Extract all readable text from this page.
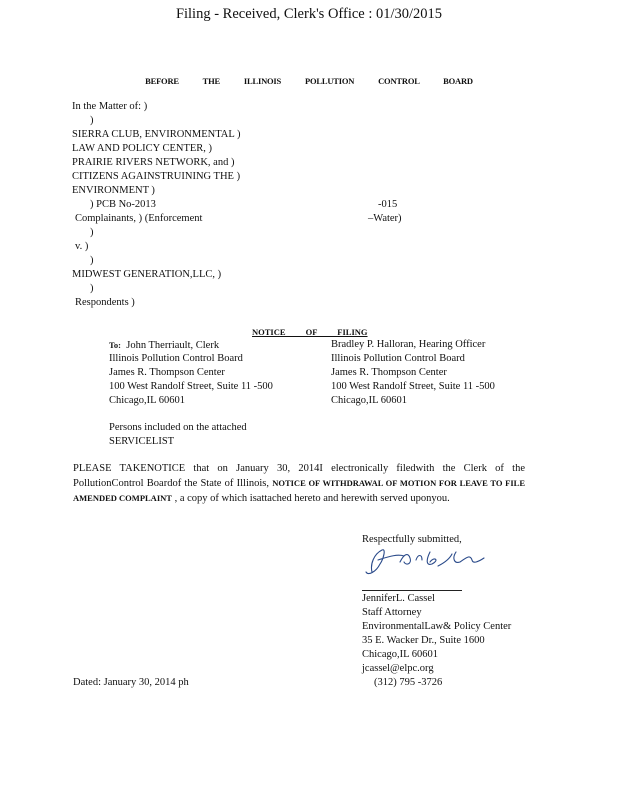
Filing - Received, Clerk's Office : 01/30/2015
BEFORE THE ILLINOIS POLLUTION CONTROL BOARD
In the Matter of: )
)
SIERRA CLUB, ENVIRONMENTAL )
LAW AND POLICY CENTER, )
PRAIRIE RIVERS NETWORK, and )
CITIZENS AGAINSTRUINING THE )
ENVIRONMENT )
) PCB No-2013	-015
Complainants, ) (Enforcement	–Water)
)
v. )
)
MIDWEST GENERATION,LLC, )
)
Respondents )
NOTICE OF FILING
To: John Therriault, Clerk
Illinois Pollution Control Board
James R. Thompson Center
100 West Randolf Street, Suite 11 -500
Chicago,IL 60601
Bradley P. Halloran, Hearing Officer
Illinois Pollution Control Board
James R. Thompson Center
100 West Randolf Street, Suite 11 -500
Chicago,IL 60601
Persons included on the attached
SERVICELIST
PLEASE TAKENOTICE that on January 30, 2014I electronically filedwith the Clerk of the PollutionControl Boardof the State of Illinois, NOTICE OF WITHDRAWAL OF MOTION FOR LEAVE TO FILE AMENDED COMPLAINT , a copy of which isattached hereto and herewith served uponyou.
Respectfully submitted,
JenniferL. Cassel
Staff Attorney
EnvironmentalLaw& Policy Center
35 E. Wacker Dr., Suite 1600
Chicago,IL 60601
jcassel@elpc.org
(312) 795 -3726
Dated: January 30, 2014 ph
